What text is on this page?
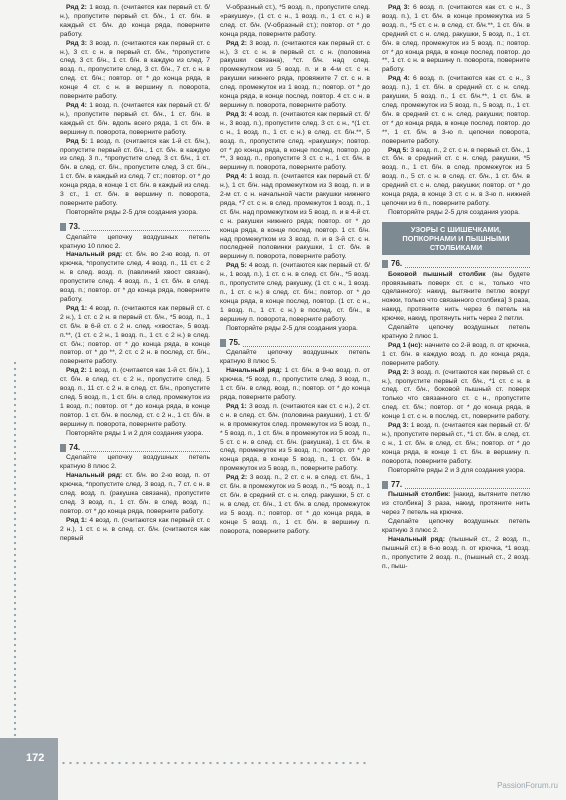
Ряд 2: 1 возд. п. (считается как первый ст. б/н.), пропустите первый ст. б/н., 1 ст. б/н. в каждый ст. б/н. до конца ряда, поверните работу.

Ряд 3: 3 возд. п. (считаются как первый ст. с н.), 3 ст. с н. в первый ст. б/н., *пропустите след. 3 ст. б/н., 1 ст. б/н. в каждую из след. 7 возд. п., пропустите след. 3 ст. б/н., 7 ст. с н. в след. ст. б/н.; повтор. от * до конца ряда, в конце 4 ст. с н. в вершину п. поворота, поверните работу.

Ряд 4: 1 возд. п. (считается как первый ст. б/н.), пропустите первый ст. б/н., 1 ст. б/н. в каждый ст. б/н. вдоль всего ряда, 1 ст. б/н. в вершину п. поворота, поверните работу.

Ряд 5: 1 возд. п. (считается как 1-й ст. б/н.), пропустите первый ст. б/н., 1 ст. б/н. в каждую из след. 3 п., *пропустите след. 3 ст. б/н., 1 ст. б/н. в след. ст. б/н., пропустите след. 3 ст. б/н., 1 ст. б/н. в каждый из след. 7 ст.; повтор. от * до конца ряда, в конце 1 ст. б/н. в каждый из след. 3 ст., 1 ст. б/н. в вершину п. поворота, поверните работу.

Повторяйте ряды 2-5 для создания узора.

73.

Сделайте цепочку воздушных петель кратную 10 плюс 2.

Начальный ряд: ст. б/н. во 2-ю возд. п. от крючка, *пропустите след. 4 возд. п., 11 ст. с 2 н. в след. возд. п. (павлиний хвост связан), пропустите след. 4 возд. п., 1 ст. б/н. в след. возд. п.; повтор. от * до конца ряда, поверните работу.

Ряд 1: 4 возд. п. (считаются как первый ст. с 2 н.), 1 ст. с 2 н. в первый ст. б/н., *5 возд. п., 1 ст. б/н. в 6-й ст. с 2 н. след. «хвоста», 5 возд. п.**, (1 ст. с 2 н., 1 возд. п., 1 ст. с 2 н.) в след. ст. б/н.; повтор. от * до конца ряда, в конце повтор. от * до **, 2 ст. с 2 н. в послед. ст. б/н., поверните работу.

Ряд 2: 1 возд. п. (считается как 1-й ст. б/н.), 1 ст. б/н. в след. ст. с 2 н., пропустите след. 5 возд. п., 11 ст. с 2 н. в след. ст. б/н., пропустите след. 5 возд. п., 1 ст. б/н. в след. промежуток из 1 возд. п.; повтор. от * до конца ряда, в конце повтор. 1 ст. б/н. в послед. ст. с 2 н., 1 ст. б/н. в вершину п. поворота, поверните работу.

Повторяйте ряды 1 и 2 для создания узора.

74.

Сделайте цепочку воздушных петель кратную 8 плюс 2.

Начальный ряд: ст. б/н. во 2-ю возд. п. от крючка, *пропустите след. 3 возд. п., 7 ст. с н. в след. возд. п. (ракушка связана), пропустите след. 3 возд. п., 1 ст. б/н. в след. возд. п.; повтор. от * до конца ряда, поверните работу.

Ряд 1: 4 возд. п. (считаются как первый ст. с 2 н.), 1 ст. с н. в след. ст. б/н. (считаются как первый

V-образный ст.), *5 возд. п., пропустите след. «ракушку», (1 ст. с н., 1 возд. п., 1 ст. с н.) в след. ст. б/н. (V-образный ст.); повтор. от * до конца ряда, поверните работу.

Ряд 2: 3 возд. п. (считаются как первый ст. с н.), 3 ст. с н. в первый ст. с н. (половина ракушки связана), *ст. б/н. над след. промежутком из 5 возд. п. и в 4-м ст. с н. ракушки нижнего ряда, провяжите 7 ст. с н. в след. промежуток из 1 возд. п.; повтор. от * до конца ряда, в конце послед. повтор. 4 ст. с н. в вершину п. поворота, поверните работу.

Ряд 3: 4 возд. п. (считаются как первый ст. б/н., 3 возд. п.), пропустите след. 3 ст. с н., *(1 ст. с н., 1 возд. п., 1 ст. с н.) в след. ст. б/н.**, 5 возд. п., пропустите след. «ракушку»; повтор. от * до конца ряда, в конце послед. повтор. до **, 3 возд. п., пропустите 3 ст. с н., 1 ст. б/н. в вершину п. поворота, поверните работу.

Ряд 4: 1 возд. п. (считается как первый ст. б/н.), 1 ст. б/н. над промежутком из 3 возд. п. и в 2-м ст. с н. начальной части ракушки нижнего ряда, *7 ст. с н. в след. промежуток 1 возд. п., 1 ст. б/н. над промежутком из 5 возд. п. и в 4-й ст. с н. ракушки нижнего ряда; повтор. от * до конца ряда, в конце послед. повтор. 1 ст. б/н. над промежутком из 3 возд. п. и в 3-й ст. с н. последней половинки ракушки, 1 ст. б/н. в вершину п. поворота, поверните работу.

Ряд 5: 4 возд. п. (считаются как первый ст. б/н., 1 возд. п.), 1 ст. с н. в след. ст. б/н., *5 возд. п., пропустите след. ракушку, (1 ст. с н., 1 возд. п., 1 ст. с н.) в след. ст. б/н.; повтор. от * до конца ряда, в конце послед. повтор. (1 ст. с н., 1 возд. п., 1 ст. с н.) в послед. ст. б/н., в вершину п. поворота, поверните работу.

Повторяйте ряды 2-5 для создания узора.

75.

Сделайте цепочку воздушных петель кратную 8 плюс 5.

Начальный ряд: 1 ст. б/н. в 9-ю возд. п. от крючка, *5 возд. п., пропустите след. 3 возд. п., 1 ст. б/н. в след. возд. п.; повтор. от * до конца ряда, поверните работу.

Ряд 1: 3 возд. п. (считаются как ст. с н.), 2 ст. с н. в след. ст. б/н. (половина ракушки), 1 ст. б/н. в промежуток след. промежуток из 5 возд. п., * 5 возд. п., 1 ст. б/н. в промежуток из 5 возд. п., 5 ст. с н. в след. ст. б/н. (ракушка), 1 ст. б/н. в след. промежуток из 5 возд. п.; повтор. от * до конца ряда, в конце 5 возд. п., 1 ст. б/н. в промежуток из 5 возд. п., поверните работу.

Ряд 2: 3 возд. п., 2 ст. с н. в след. ст. б/н., 1 ст. б/н. в промежуток из 5 возд. п., *5 возд. п., 1 ст. б/н. в средний ст. с н. след. ракушки, 5 ст. с н. в след. ст. б/н., 1 ст. б/н. в след. промежуток из 5 возд. п.; повтор. от * до конца ряда, в конце 5 возд. п., 1 ст. б/н. в вершину п. поворота, поверните работу.

Ряд 3: 6 возд. п. (считаются как ст. с н., 3 возд. п.), 1 ст. б/н. в конце промежутка из 5 возд. п., *5 ст. с н. в след. ст. б/н.**, 1 ст. б/н. в средний ст. с н. след. ракушки, 5 возд. п., 1 ст. б/н. в след. промежуток из 5 возд. п.; повтор. от * до конца ряда, в конце послед. повтор. до **, 1 ст. с н. в вершину п. поворота, поверните работу.

Ряд 4: 6 возд. п. (считаются как ст. с н., 3 возд. п.), 1 ст. б/н. в средний ст. с н. след. ракушки, 5 возд. п., 1 ст. б/н.**, 1 ст. б/н. в след. промежуток из 5 возд. п., 5 возд. п., 1 ст. б/н. в средний ст. с н. след. ракушки; повтор. от * до конца ряда, в конце послед. повтор. до **, 1 ст. б/н. в 3-ю п. цепочки поворота, поверните работу.

Ряд 5: 3 возд. п., 2 ст. с н. в первый ст. б/н., 1 ст. б/н. в средний ст. с н. след. ракушки, *5 возд. п., 1 ст. б/н. в след. промежуток из 5 возд. п., 5 ст. с н. в след. ст. б/н., 1 ст. б/н. в средний ст. с н. след. ракушки; повтор. от * до конца ряда, в конце 3 ст. с н. в 3-ю п. нижней цепочки из 6 п., поверните работу.

Повторяйте ряды 2-5 для создания узора.

УЗОРЫ С ШИШЕЧКАМИ, ПОПКОРНАМИ И ПЫШНЫМИ СТОЛБИКАМИ
76.

Боковой пышный столбик (вы будете провязывать поверх ст. с н., только что сделанного): накид, вытяните петлю вокруг ножки, только что связанного столбика] 3 раза, накид, протяните нить через 6 петель на крючке, накид, протянуть нить через 2 петли.

Сделайте цепочку воздушных петель кратную 2 плюс 1.

Ряд 1 (нс): начните со 2-й возд. п. от крючка, 1 ст. б/н. в каждую возд. п. до конца ряда, поверните работу.

Ряд 2: 3 возд. п. (считаются как первый ст. с н.), пропустите первый ст. б/н., *1 ст. с н. в след. ст. б/н., боковой пышный ст. поверх только что связанного ст. с н., пропустите след. ст. б/н.; повтор. от * до конца ряда, в конце 1 ст. с н. в послед. ст., поверните работу.

Ряд 3: 1 возд. п. (считается как первый ст. б/н.), пропустите первый ст., *1 ст. б/н. в след. ст. с н., 1 ст. б/н. в след. ст. б/н.; повтор. от * до конца ряда, в конце 1 ст. б/н. в вершину п. поворота, поверните работу.

Повторяйте ряды 2 и 3 для создания узора.

77.

Пышный столбик: [накид, вытяните петлю из столбика] 3 раза, накид, протяните нить через 7 петель на крючке.

Сделайте цепочку воздушных петель кратную 3 плюс 2.

Начальный ряд: (пышный ст., 2 возд. п., пышный ст.) в 6-ю возд. п. от крючка, *1 возд. п., пропустите 2 возд. п., (пышный ст., 2 возд. п., пыш-

172
PassionForum.ru
